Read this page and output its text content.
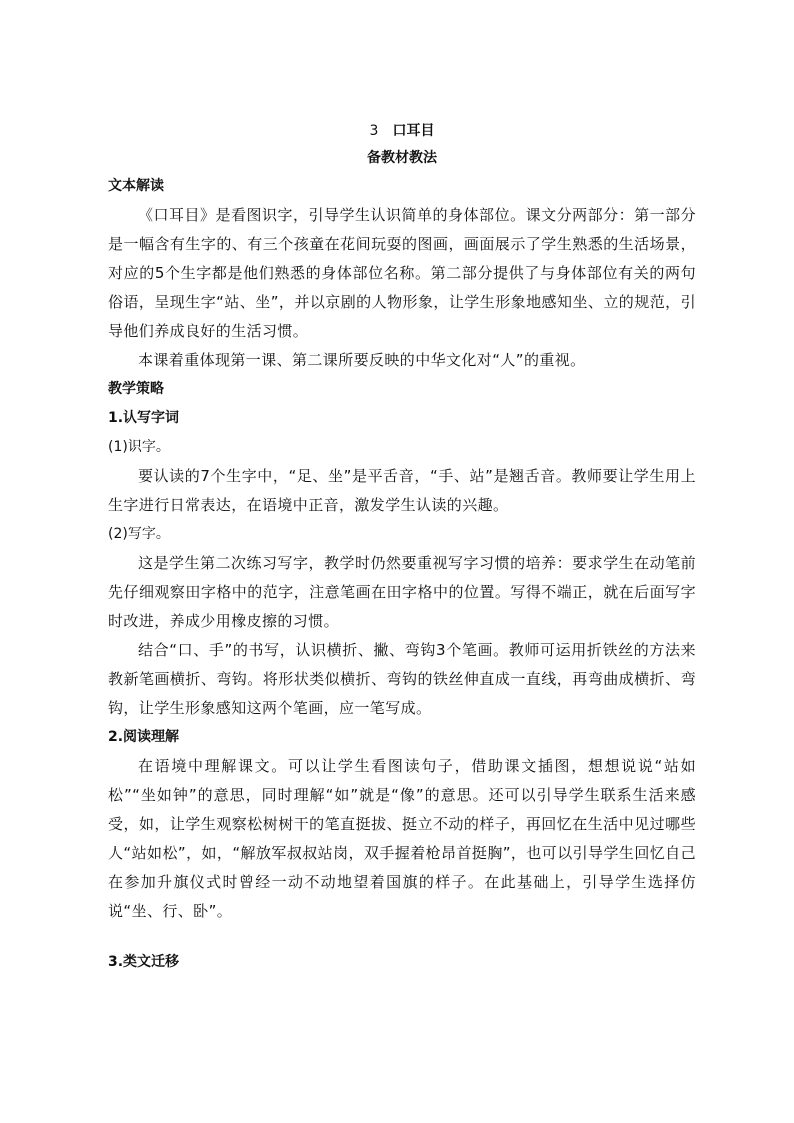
3 口耳目
备教材教法
文本解读

《口耳目》是看图识字，引导学生认识简单的身体部位。课文分两部分：第一部分是一幅含有生字的、有三个孩童在花间玩耍的图画，画面展示了学生熟悉的生活场景，对应的5个生字都是他们熟悉的身体部位名称。第二部分提供了与身体部位有关的两句俗语，呈现生字“站、坐”，并以京剧的人物形象，让学生形象地感知坐、立的规范，引导他们养成良好的生活习惯。

本课着重体现第一课、第二课所要反映的中华文化对“人”的重视。

教学策略
1.认写字词
(1)识字。

要认读的7个生字中，“足、坐”是平舌音，“手、站”是翘舌音。教师要让学生用上生字进行日常表达，在语境中正音，激发学生认读的兴趣。

(2)写字。

这是学生第二次练习写字，教学时仍然要重视写字习惯的培养：要求学生在动笔前先仔细观察田字格中的范字，注意笔画在田字格中的位置。写得不端正，就在后面写字时改进，养成少用橡皮擦的习惯。

结合“口、手”的书写，认识横折、撇、弯钩3个笔画。教师可运用折铁丝的方法来教新笔画横折、弯钩。将形状类似横折、弯钩的铁丝伸直成一直线，再弯曲成横折、弯钩，让学生形象感知这两个笔画，应一笔写成。

2.阅读理解

在语境中理解课文。可以让学生看图读句子，借助课文插图，想想说说“站如松”“坐如钟”的意思，同时理解“如”就是“像”的意思。还可以引导学生联系生活来感受，如，让学生观察松树树干的笔直挺拔、挺立不动的样子，再回忆在生活中见过哪些人“站如松”，如，“解放军叔叔站岗，双手握着枪昂首挺胸”，也可以引导学生回忆自己在参加升旗仪式时曾经一动不动地望着国旗的样子。在此基础上，引导学生选择仿说“坐、行、卧”。

3.类文迁移
